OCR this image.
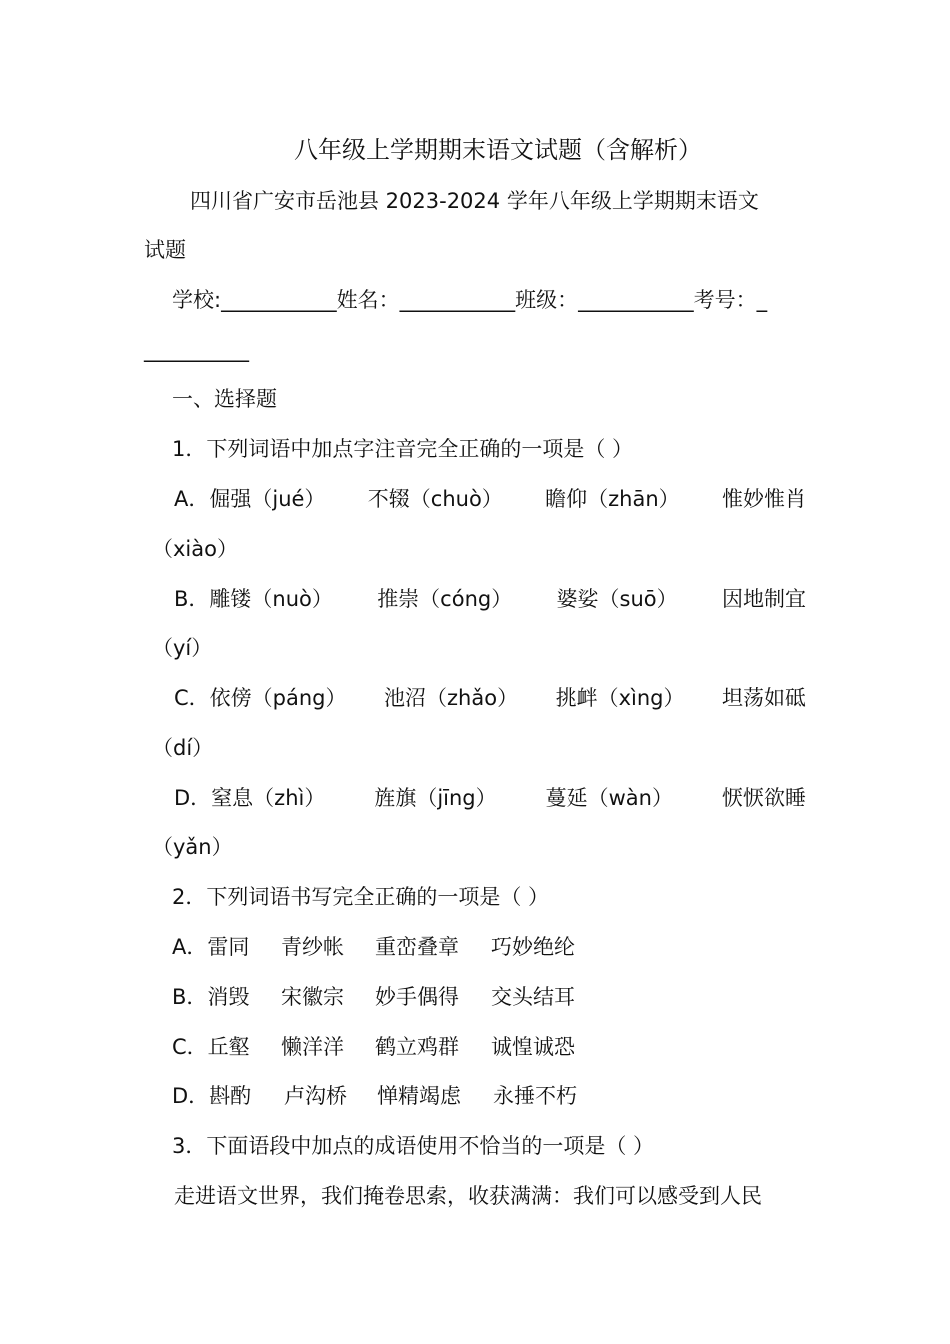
八年级上学期期末语文试题（含解析）
四川省广安市岳池县 2023-2024 学年八年级上学期期末语文
试题
学校:___________姓名：___________班级：___________考号：_
__________
一、选择题
1．下列词语中加点字注音完全正确的一项是（ ）
A．倔强（jué） 不辍（chuò） 瞻仰（zhān） 惟妙惟肖
（xiào）
B．雕镂（nuò） 推崇（cóng） 婆娑（suō） 因地制宜
（yí）
C．依傍（páng） 池沼（zhǎo） 挑衅（xìng） 坦荡如砥
（dí）
D．窒息（zhì） 旌旗（jīng） 蔓延（wàn） 恹恹欲睡
（yǎn）
2．下列词语书写完全正确的一项是（ ）
A．雷同 青纱帐 重峦叠章 巧妙绝纶
B．消毁 宋徽宗 妙手偶得 交头结耳
C．丘壑 懒洋洋 鹤立鸡群 诚惶诚恐
D．斟酌 卢沟桥 惮精竭虑 永捶不朽
3．下面语段中加点的成语使用不恰当的一项是（ ）
走进语文世界，我们掩卷思索，收获满满：我们可以感受到人民
